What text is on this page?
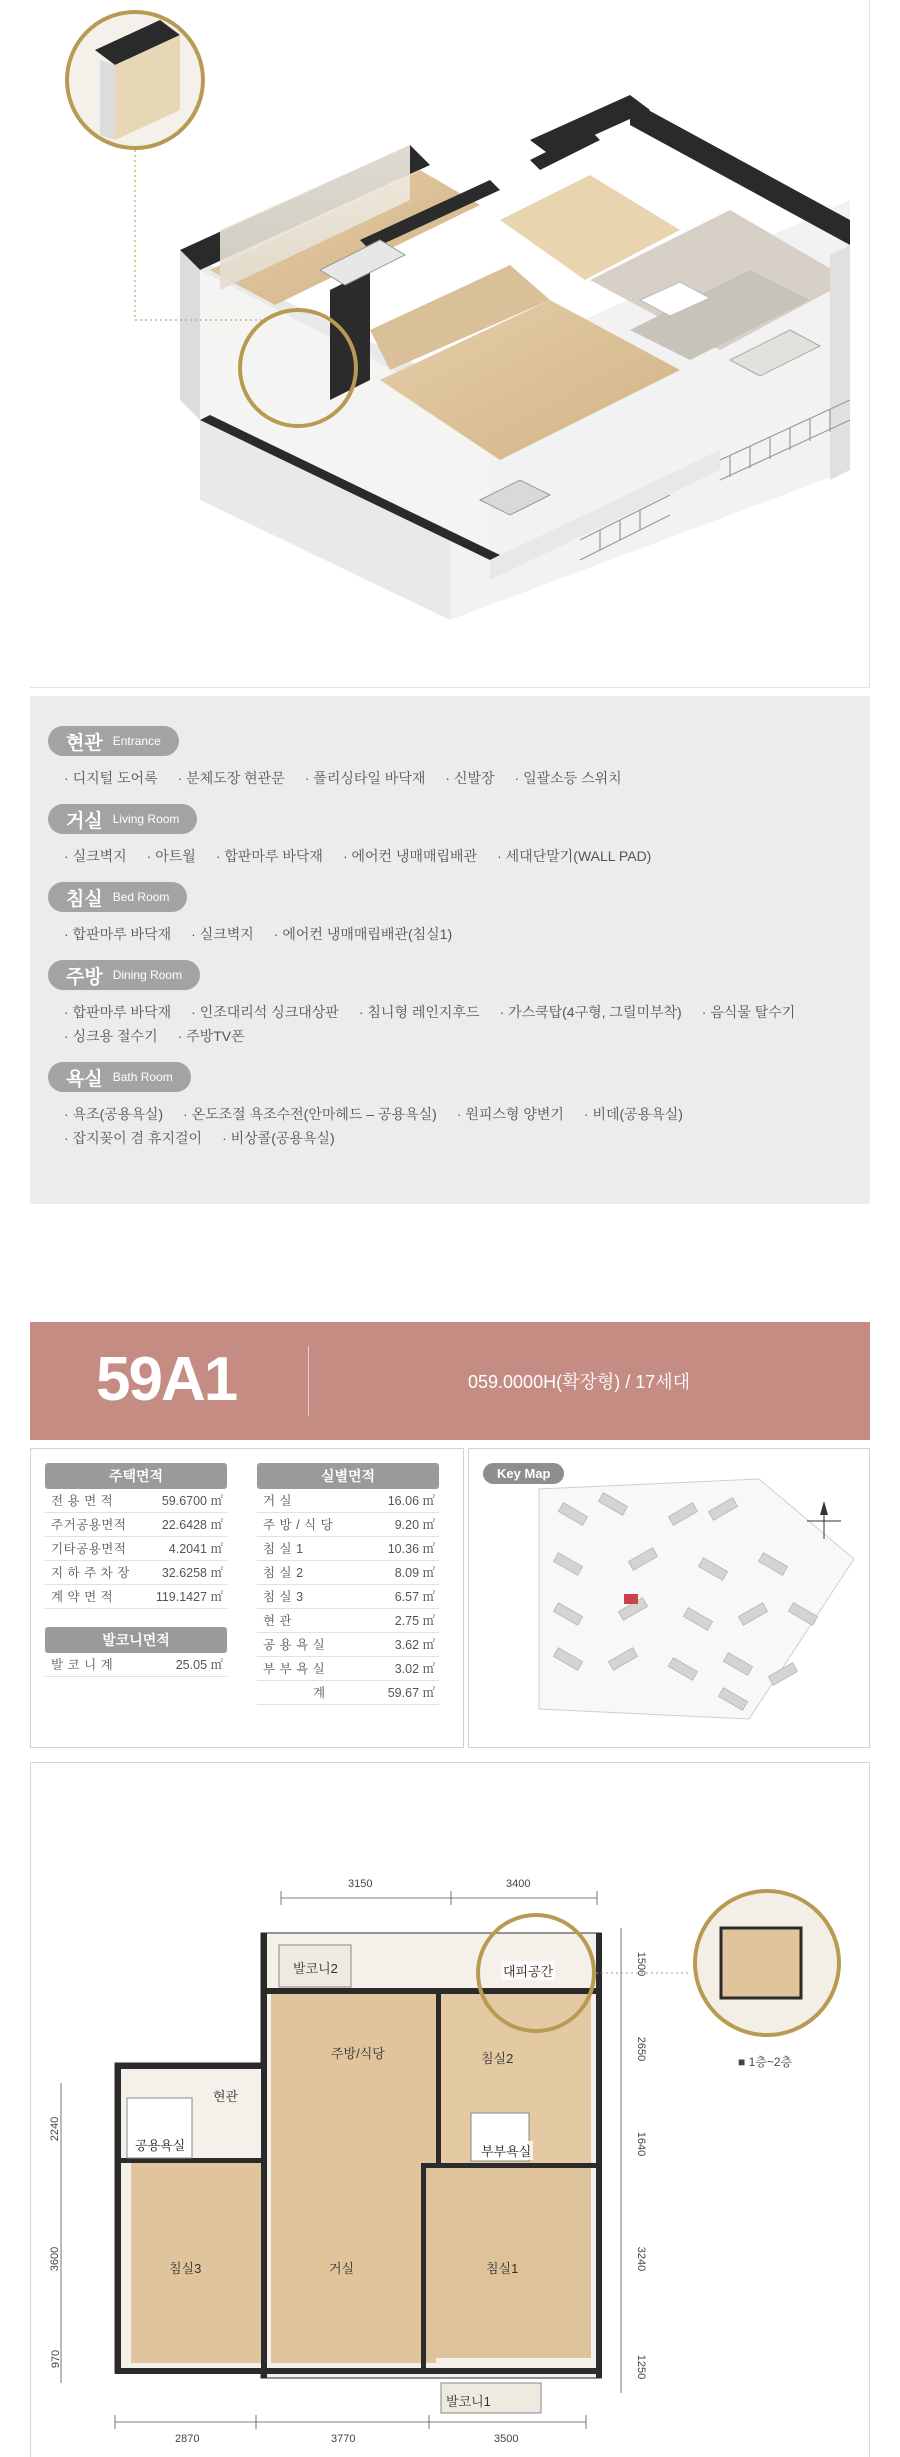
현관 Entrance
· 디지털 도어록	· 분체도장 현관문	· 폴리싱타일 바닥재	· 신발장	· 일괄소등 스위치
거실 Living Room
· 실크벽지	· 아트월	· 합판마루 바닥재	· 에어컨 냉매매립배관	· 세대단말기(WALL PAD)
침실 Bed Room
· 합판마루 바닥재	· 실크벽지	· 에어컨 냉매매립배관(침실1)
주방 Dining Room
· 합판마루 바닥재	· 인조대리석 싱크대상판	· 침니형 레인지후드	· 가스쿡탑(4구형, 그릴미부착)	· 음식물 탈수기
· 싱크용 절수기	· 주방TV폰
욕실 Bath Room
· 욕조(공용욕실)	· 온도조절 욕조수전(안마헤드 – 공용욕실)	· 원피스형 양변기	· 비데(공용욕실)
· 잡지꽂이 겸 휴지걸이	· 비상콜(공용욕실)
59A1	059.0000H(확장형) / 17세대
주택면적
전 용 면 적	59.6700 ㎡
주거공용면적	22.6428 ㎡
기타공용면적	4.2041 ㎡
지 하 주 차 장	32.6258 ㎡
계 약 면 적	119.1427 ㎡
발코니면적
발 코 니 계	25.05 ㎡
실별면적
거 실	16.06 ㎡
주 방 / 식 당	9.20 ㎡
침 실 1	10.36 ㎡
침 실 2	8.09 ㎡
침 실 3	6.57 ㎡
현 관	2.75 ㎡
공 용 욕 실	3.62 ㎡
부 부 욕 실	3.02 ㎡
계	59.67 ㎡
Key Map
3150	3400
2870	3770	3500
2240
3600
970
1500
2650
1640
3240
1250
발코니2	대피공간
주방/식당	침실2
현관
공용욕실	부부욕실
침실3	거실	침실1
발코니1
■ 1층~2층
